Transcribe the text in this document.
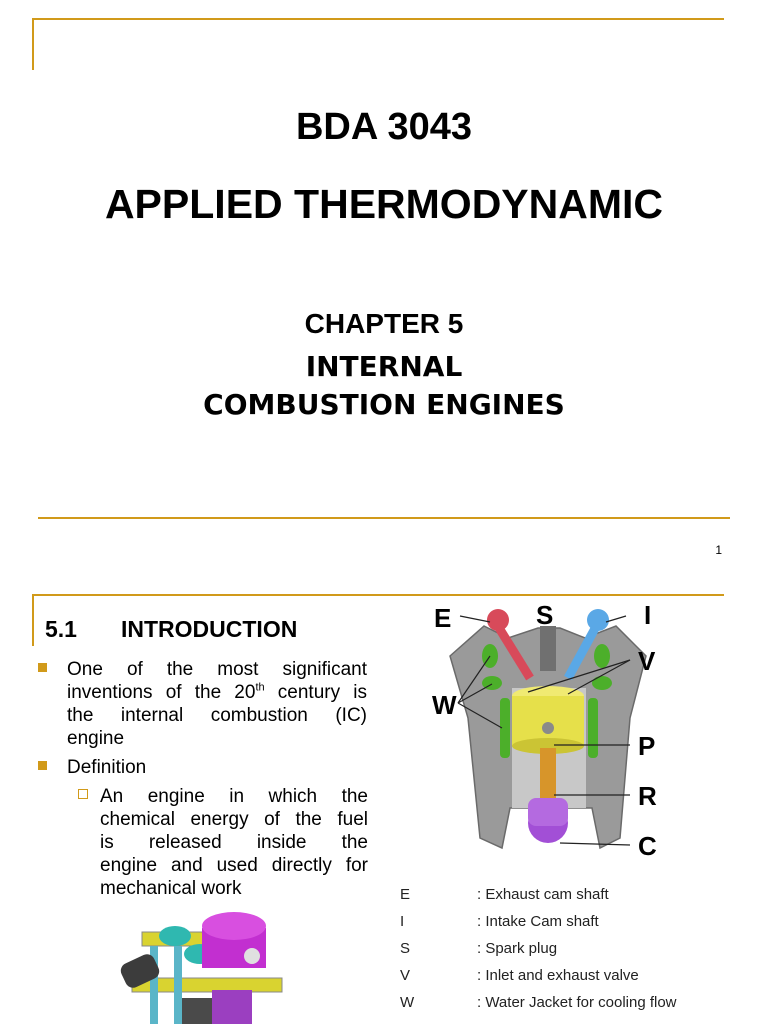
BDA 3043
APPLIED THERMODYNAMIC
CHAPTER 5
INTERNAL
COMBUSTION ENGINES
1
5.1 INTRODUCTION
One of the most significant
inventions of the 20th century is
the internal combustion (IC)
engine
Definition
An engine in which the
chemical energy of the fuel
is released inside the
engine and used directly for
mechanical work
E	S	I
V
W
P
R
C
E	: Exhaust cam shaft
I	: Intake Cam shaft
S	: Spark plug
V	: Inlet and exhaust valve
W	: Water Jacket for cooling flow
